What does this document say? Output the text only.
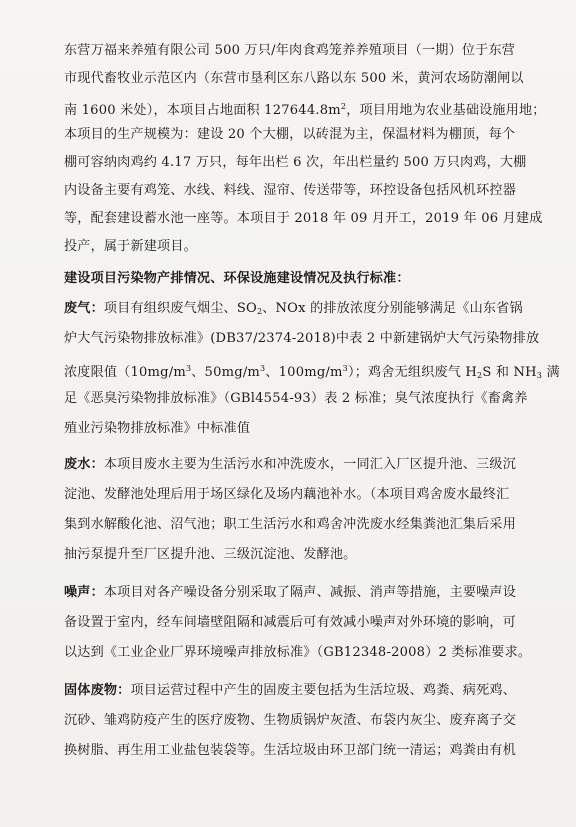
东营万福来养殖有限公司 500 万只/年肉食鸡笼养养殖项目（一期）位于东营
市现代畜牧业示范区内（东营市垦利区东八路以东 500 米，黄河农场防潮闸以
南 1600 米处），本项目占地面积 $127644.8m^2$，项目用地为农业基础设施用地；
本项目的生产规模为：建设 20 个大棚，以砖混为主，保温材料为棚顶，每个
棚可容纳肉鸡约 4.17 万只，每年出栏 6 次，年出栏量约 500 万只肉鸡，大棚
内设备主要有鸡笼、水线、料线、湿帘、传送带等，环控设备包括风机环控器
等，配套建设蓄水池一座等。本项目于 2018 年 09 月开工，2019 年 06 月建成
投产，属于新建项目。
建设项目污染物产排情况、环保设施建设情况及执行标准：
废气：项目有组织废气烟尘、$SO_2$、NOx 的排放浓度分别能够满足《山东省锅
炉大气污染物排放标准》(DB37/2374-2018)中表 2 中新建锅炉大气污染物排放
浓度限值（$10mg/m^3$、$50mg/m^3$、$100mg/m^3$）；鸡舍无组织废气 $H_2S$ 和 $NH_3$ 满
足《恶臭污染物排放标准》（GBl4554-93）表 2 标准；臭气浓度执行《畜禽养
殖业污染物排放标准》中标准值
废水：本项目废水主要为生活污水和冲洗废水，一同汇入厂区提升池、三级沉
淀池、发酵池处理后用于场区绿化及场内藕池补水。（本项目鸡舍废水最终汇
集到水解酸化池、沼气池；职工生活污水和鸡舍冲洗废水经集粪池汇集后采用
抽污泵提升至厂区提升池、三级沉淀池、发酵池。
噪声：本项目对各产噪设备分别采取了隔声、减振、消声等措施，主要噪声设
备设置于室内，经车间墙壁阻隔和减震后可有效减小噪声对外环境的影响，可
以达到《工业企业厂界环境噪声排放标准》（GB12348-2008）2 类标准要求。
固体废物：项目运营过程中产生的固废主要包括为生活垃圾、鸡粪、病死鸡、
沉砂、雏鸡防疫产生的医疗废物、生物质锅炉灰渣、布袋内灰尘、废弃离子交
换树脂、再生用工业盐包装袋等。生活垃圾由环卫部门统一清运；鸡粪由有机
